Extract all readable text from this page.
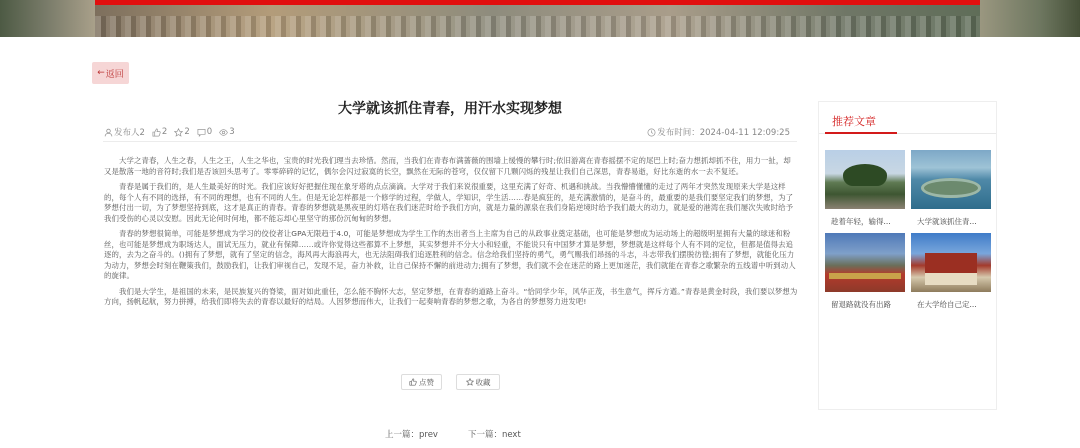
← 返回
大学就该抓住青春，用汗水实现梦想
发布人2 2 2 0 3	发布时间：2024-04-11 12:09:25

大学之青春，人生之春，人生之王，人生之华也，宝贵的时光我们理当去珍惜。然而，当我们在青春布满蔷薇的围墙上缓慢的攀行时;依旧游离在青春摇摆不定的尾巴上时;奋力想抓却抓不住，用力一扯，却又是散落一地的音符时;我们是否该回头思考了。零零碎碎的记忆，偶尔会闪过寂寞的长空，飘然在无际的苍穹，仅仅留下几颗闪烁的残星让我们自己深思，青春易逝，好比东逝的水一去不复还。

青春是属于我们的，是人生最美好的时光。我们应该好好把握住现在象牙塔的点点滴滴。大学对于我们来说很重要，这里充满了好奇、机遇和挑战。当我懵懵懂懂的走过了两年才突然发现原来大学是这样的，每个人有不同的选择，有不同的理想，也有不同的人生。但是无论怎样都是一个修学的过程，学做人，学知识，学生活……春是疯狂的，是充满激情的，是奋斗的，最重要的是我们要坚定我们的梦想，为了梦想付出一切，为了梦想坚持到底，这才是真正的青春。青春的梦想就是黑夜里的灯塔在我们迷茫时给予我们方向，就是力量的源泉在我们身陷逆境时给予我们最大的动力，就是爱的港湾在我们屡次失败时给予我们受伤的心灵以安慰。因此无论何时何地，都不能忘却心里坚守的那份沉甸甸的梦想。

青春的梦想很简单，可能是梦想成为学习的佼佼者让GPA无限趋于4.0，可能是梦想成为学生工作的杰出者当上主席为自己的从政事业奠定基础，也可能是梦想成为运动场上的超级明星拥有大量的球迷和粉丝，也可能是梦想成为职场达人，面试无压力，就业有保障……或许你觉得这些都算不上梦想，其实梦想并不分大小和轻重，不能说只有中国梦才算是梦想，梦想就是这样每个人有不同的定位，但都是值得去追逐的，去为之奋斗的。()拥有了梦想，就有了坚定的信念，海风再大海浪再大，也无法阻碍我们追逐胜利的信念。信念给我们坚持的勇气，勇气赐我们昂扬的斗志，斗志带我们摆脱彷徨;拥有了梦想，就能化压力为动力，梦想会时刻在鞭策我们，鼓励我们，让我们审视自己，发现不足，奋力补救，让自己保持不懈的前进动力;拥有了梦想，我们就不会在迷茫的路上更加迷茫，我们就能在青春之歌繁杂的五线谱中听到动人的旋律。

我们是大学生，是祖国的未来，是民族复兴的脊梁，面对如此重任，怎么能不胸怀大志，坚定梦想，在青春的道路上奋斗。“恰同学少年，风华正茂，书生意气，挥斥方遒。”青春是黄金时段，我们要以梦想为方向，扬帆起航，努力拼搏，给我们即将失去的青春以最好的结局。人因梦想而伟大，让我们一起奏响青春的梦想之歌，为各自的梦想努力进发吧!

点赞	收藏
上一篇：prev	下一篇：next
推荐文章
趁着年轻，输得...	大学就该抓住青...
留退路就没有出路	在大学给自己定...
